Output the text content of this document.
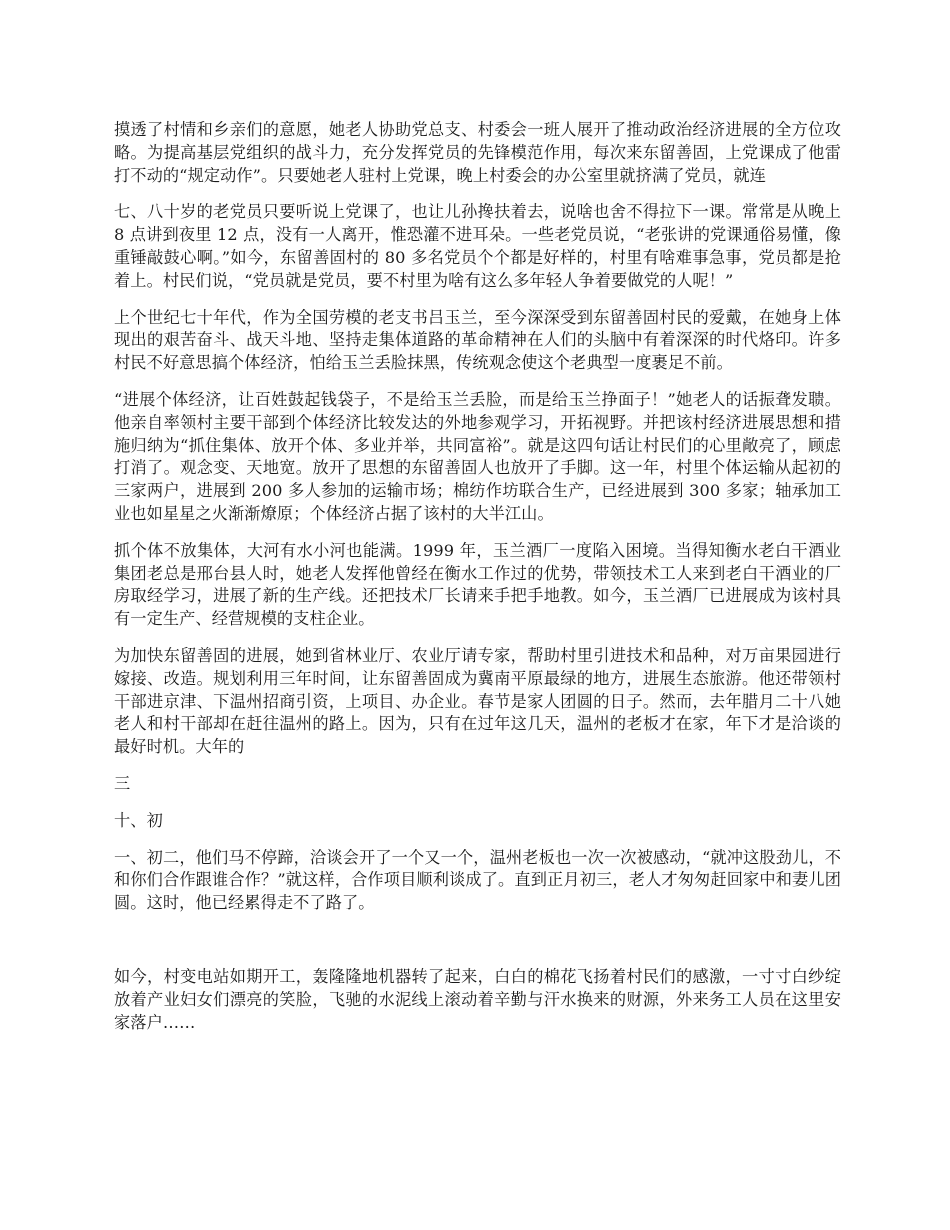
摸透了村情和乡亲们的意愿，她老人协助党总支、村委会一班人展开了推动政治经济进展的全方位攻略。为提高基层党组织的战斗力，充分发挥党员的先锋模范作用，每次来东留善固，上党课成了他雷打不动的“规定动作”。只要她老人驻村上党课，晚上村委会的办公室里就挤满了党员，就连

七、八十岁的老党员只要听说上党课了，也让儿孙搀扶着去，说啥也舍不得拉下一课。常常是从晚上 8 点讲到夜里 12 点，没有一人离开，惟恐灌不进耳朵。一些老党员说，“老张讲的党课通俗易懂，像重锤敲鼓心啊。”如今，东留善固村的 80 多名党员个个都是好样的，村里有啥难事急事，党员都是抢着上。村民们说，“党员就是党员，要不村里为啥有这么多年轻人争着要做党的人呢！”

上个世纪七十年代，作为全国劳模的老支书吕玉兰，至今深深受到东留善固村民的爱戴，在她身上体现出的艰苦奋斗、战天斗地、坚持走集体道路的革命精神在人们的头脑中有着深深的时代烙印。许多村民不好意思搞个体经济，怕给玉兰丢脸抹黑，传统观念使这个老典型一度裹足不前。

“进展个体经济，让百姓鼓起钱袋子，不是给玉兰丢脸，而是给玉兰挣面子！”她老人的话振聋发聩。他亲自率领村主要干部到个体经济比较发达的外地参观学习，开拓视野。并把该村经济进展思想和措施归纳为“抓住集体、放开个体、多业并举，共同富裕”。就是这四句话让村民们的心里敞亮了，顾虑打消了。观念变、天地宽。放开了思想的东留善固人也放开了手脚。这一年，村里个体运输从起初的三家两户，进展到 200 多人参加的运输市场；棉纺作坊联合生产，已经进展到 300 多家；轴承加工业也如星星之火渐渐燎原；个体经济占据了该村的大半江山。

抓个体不放集体，大河有水小河也能满。1999 年，玉兰酒厂一度陷入困境。当得知衡水老白干酒业集团老总是邢台县人时，她老人发挥他曾经在衡水工作过的优势，带领技术工人来到老白干酒业的厂房取经学习，进展了新的生产线。还把技术厂长请来手把手地教。如今，玉兰酒厂已进展成为该村具有一定生产、经营规模的支柱企业。

为加快东留善固的进展，她到省林业厅、农业厅请专家，帮助村里引进技术和品种，对万亩果园进行嫁接、改造。规划利用三年时间，让东留善固成为冀南平原最绿的地方，进展生态旅游。他还带领村干部进京津、下温州招商引资，上项目、办企业。春节是家人团圆的日子。然而，去年腊月二十八她老人和村干部却在赶往温州的路上。因为，只有在过年这几天，温州的老板才在家，年下才是洽谈的最好时机。大年的

三

十、初

一、初二，他们马不停蹄，洽谈会开了一个又一个，温州老板也一次一次被感动，“就冲这股劲儿，不和你们合作跟谁合作？”就这样，合作项目顺利谈成了。直到正月初三，老人才匆匆赶回家中和妻儿团圆。这时，他已经累得走不了路了。

如今，村变电站如期开工，轰隆隆地机器转了起来，白白的棉花飞扬着村民们的感激，一寸寸白纱绽放着产业妇女们漂亮的笑脸，飞驰的水泥线上滚动着辛勤与汗水换来的财源，外来务工人员在这里安家落户……
